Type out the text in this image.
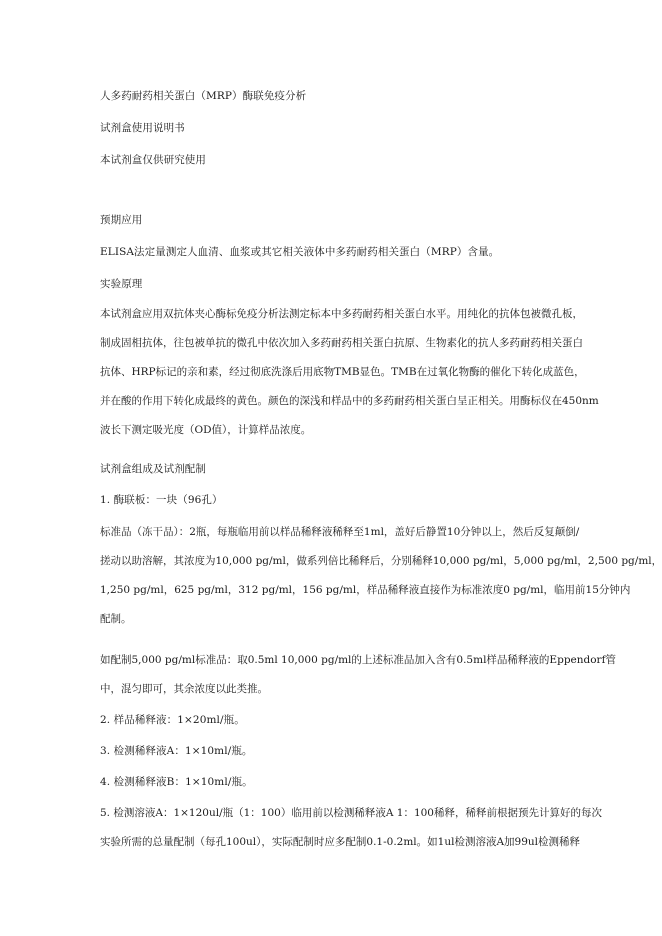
人多药耐药相关蛋白（MRP）酶联免疫分析
试剂盒使用说明书
本试剂盒仅供研究使用
预期应用
ELISA法定量测定人血清、血浆或其它相关液体中多药耐药相关蛋白（MRP）含量。
实验原理
本试剂盒应用双抗体夹心酶标免疫分析法测定标本中多药耐药相关蛋白水平。用纯化的抗体包被微孔板，
制成固相抗体，往包被单抗的微孔中依次加入多药耐药相关蛋白抗原、生物素化的抗人多药耐药相关蛋白
抗体、HRP标记的亲和素，经过彻底洗涤后用底物TMB显色。TMB在过氧化物酶的催化下转化成蓝色，
并在酸的作用下转化成最终的黄色。颜色的深浅和样品中的多药耐药相关蛋白呈正相关。用酶标仪在450nm
波长下测定吸光度（OD值），计算样品浓度。
试剂盒组成及试剂配制
1. 酶联板：一块（96孔）
标准品（冻干品）：2瓶，每瓶临用前以样品稀释液稀释至1ml，盖好后静置10分钟以上，然后反复颠倒/
搓动以助溶解，其浓度为10,000 pg/ml，做系列倍比稀释后，分别稀释10,000 pg/ml，5,000 pg/ml，2,500 pg/ml，
1,250 pg/ml，625 pg/ml，312 pg/ml，156 pg/ml，样品稀释液直接作为标准浓度0 pg/ml，临用前15分钟内
配制。
如配制5,000 pg/ml标准品：取0.5ml 10,000 pg/ml的上述标准品加入含有0.5ml样品稀释液的Eppendorf管
中，混匀即可，其余浓度以此类推。
2. 样品稀释液：1×20ml/瓶。
3. 检测稀释液A：1×10ml/瓶。
4. 检测稀释液B：1×10ml/瓶。
5. 检测溶液A：1×120ul/瓶（1：100）临用前以检测稀释液A 1：100稀释，稀释前根据预先计算好的每次
实验所需的总量配制（每孔100ul），实际配制时应多配制0.1-0.2ml。如1ul检测溶液A加99ul检测稀释
